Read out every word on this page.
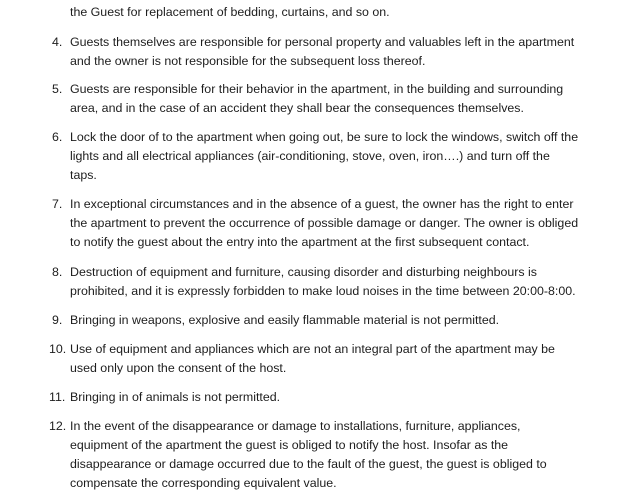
the Guest for replacement of bedding, curtains, and so on.
4. Guests themselves are responsible for personal property and valuables left in the apartment
and the owner is not responsible for the subsequent loss thereof.
5. Guests are responsible for their behavior in the apartment, in the building and surrounding
area, and in the case of an accident they shall bear the consequences themselves.
6. Lock the door of to the apartment when going out, be sure to lock the windows, switch off the
lights and all electrical appliances (air-conditioning, stove, oven, iron….) and turn off the
taps.
7. In exceptional circumstances and in the absence of a guest, the owner has the right to enter
the apartment to prevent the occurrence of possible damage or danger. The owner is obliged
to notify the guest about the entry into the apartment at the first subsequent contact.
8. Destruction of equipment and furniture, causing disorder and disturbing neighbours is
prohibited, and it is expressly forbidden to make loud noises in the time between 20:00-8:00.
9. Bringing in weapons, explosive and easily flammable material is not permitted.
10. Use of equipment and appliances which are not an integral part of the apartment may be
used only upon the consent of the host.
11. Bringing in of animals is not permitted.
12. In the event of the disappearance or damage to installations, furniture, appliances,
equipment of the apartment the guest is obliged to notify the host. Insofar as the
disappearance or damage occurred due to the fault of the guest, the guest is obliged to
compensate the corresponding equivalent value.
